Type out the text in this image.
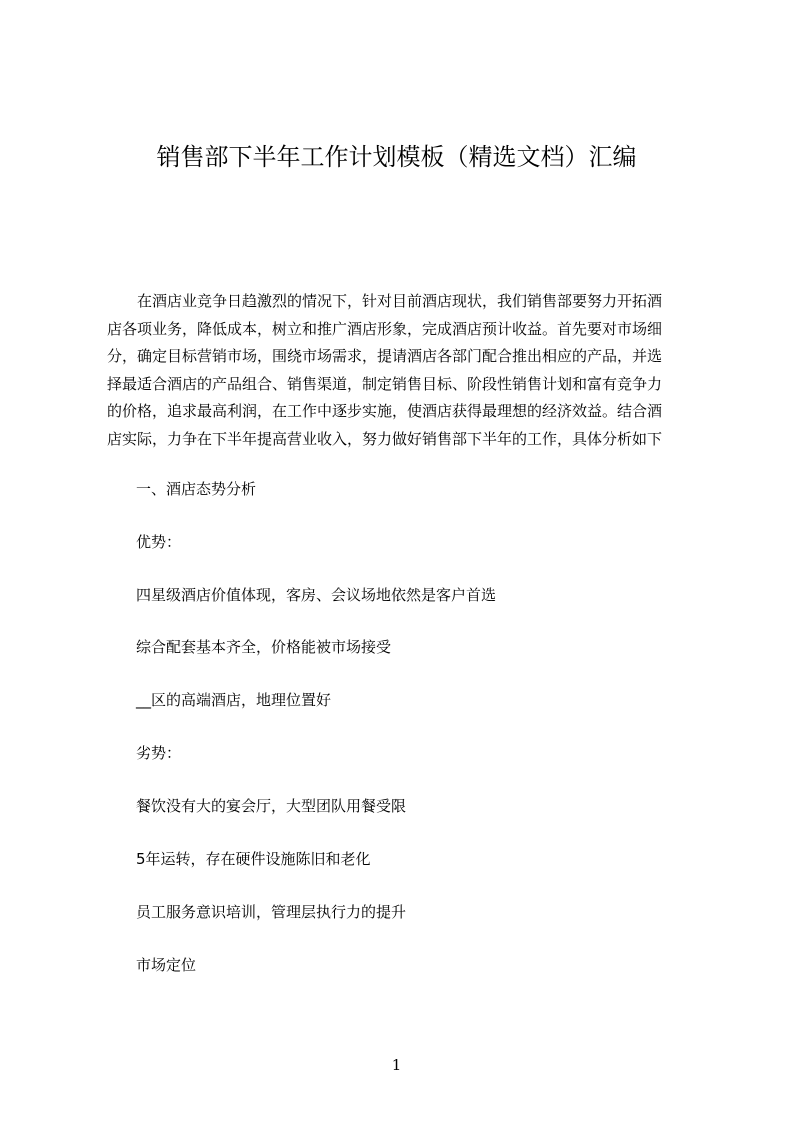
销售部下半年工作计划模板（精选文档）汇编
在酒店业竞争日趋激烈的情况下，针对目前酒店现状，我们销售部要努力开拓酒
店各项业务，降低成本，树立和推广酒店形象，完成酒店预计收益。首先要对市场细
分，确定目标营销市场，围绕市场需求，提请酒店各部门配合推出相应的产品，并选
择最适合酒店的产品组合、销售渠道，制定销售目标、阶段性销售计划和富有竞争力
的价格，追求最高利润，在工作中逐步实施，使酒店获得最理想的经济效益。结合酒
店实际，力争在下半年提高营业收入，努力做好销售部下半年的工作，具体分析如下
一、酒店态势分析
优势：
四星级酒店价值体现，客房、会议场地依然是客户首选
综合配套基本齐全，价格能被市场接受
__区的高端酒店，地理位置好
劣势：
餐饮没有大的宴会厅，大型团队用餐受限
5年运转，存在硬件设施陈旧和老化
员工服务意识培训，管理层执行力的提升
市场定位
1
